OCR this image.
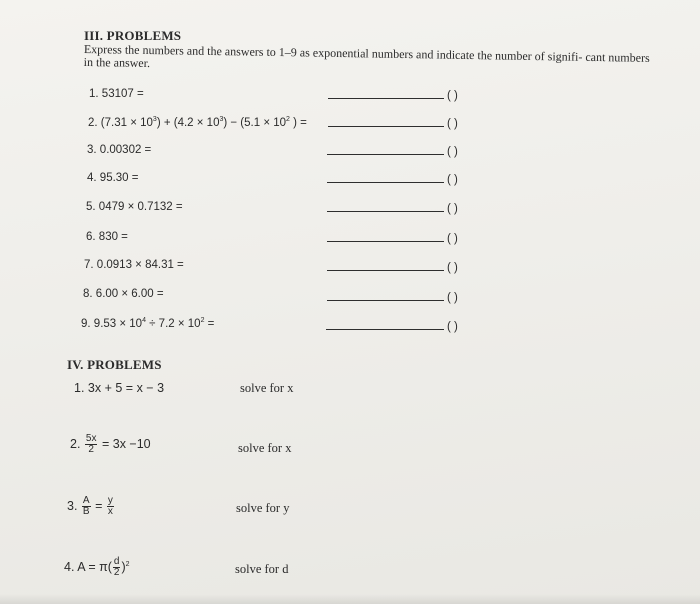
III. PROBLEMS
Express the numbers and the answers to 1–9 as exponential numbers and indicate the number of signifi- cant numbers in the answer.
1. 53107 =	( )
2. $(7.31 \times 10^3) + (4.2 \times 10^3) - (5.1 \times 10^2$ ) =	( )
3. 0.00302 =	( )
4. 95.30 =	( )
5. 0479 × 0.7132 =	( )
6. 830 =	( )
7. 0.0913 × 84.31 =	( )
8. 6.00 × 6.00 =	( )
9. $9.53 \times 10^4 \div 7.2 \times 10^2$ =	( )
IV. PROBLEMS
1. 3x + 5 = x − 3	solve for x
2. $\frac{5x}{2} = 3x -10$	solve for x
3. $\frac{A}{B} = \frac{y}{x}$	solve for y
4. $A = \pi( \frac{d}{2} )^2$	solve for d
